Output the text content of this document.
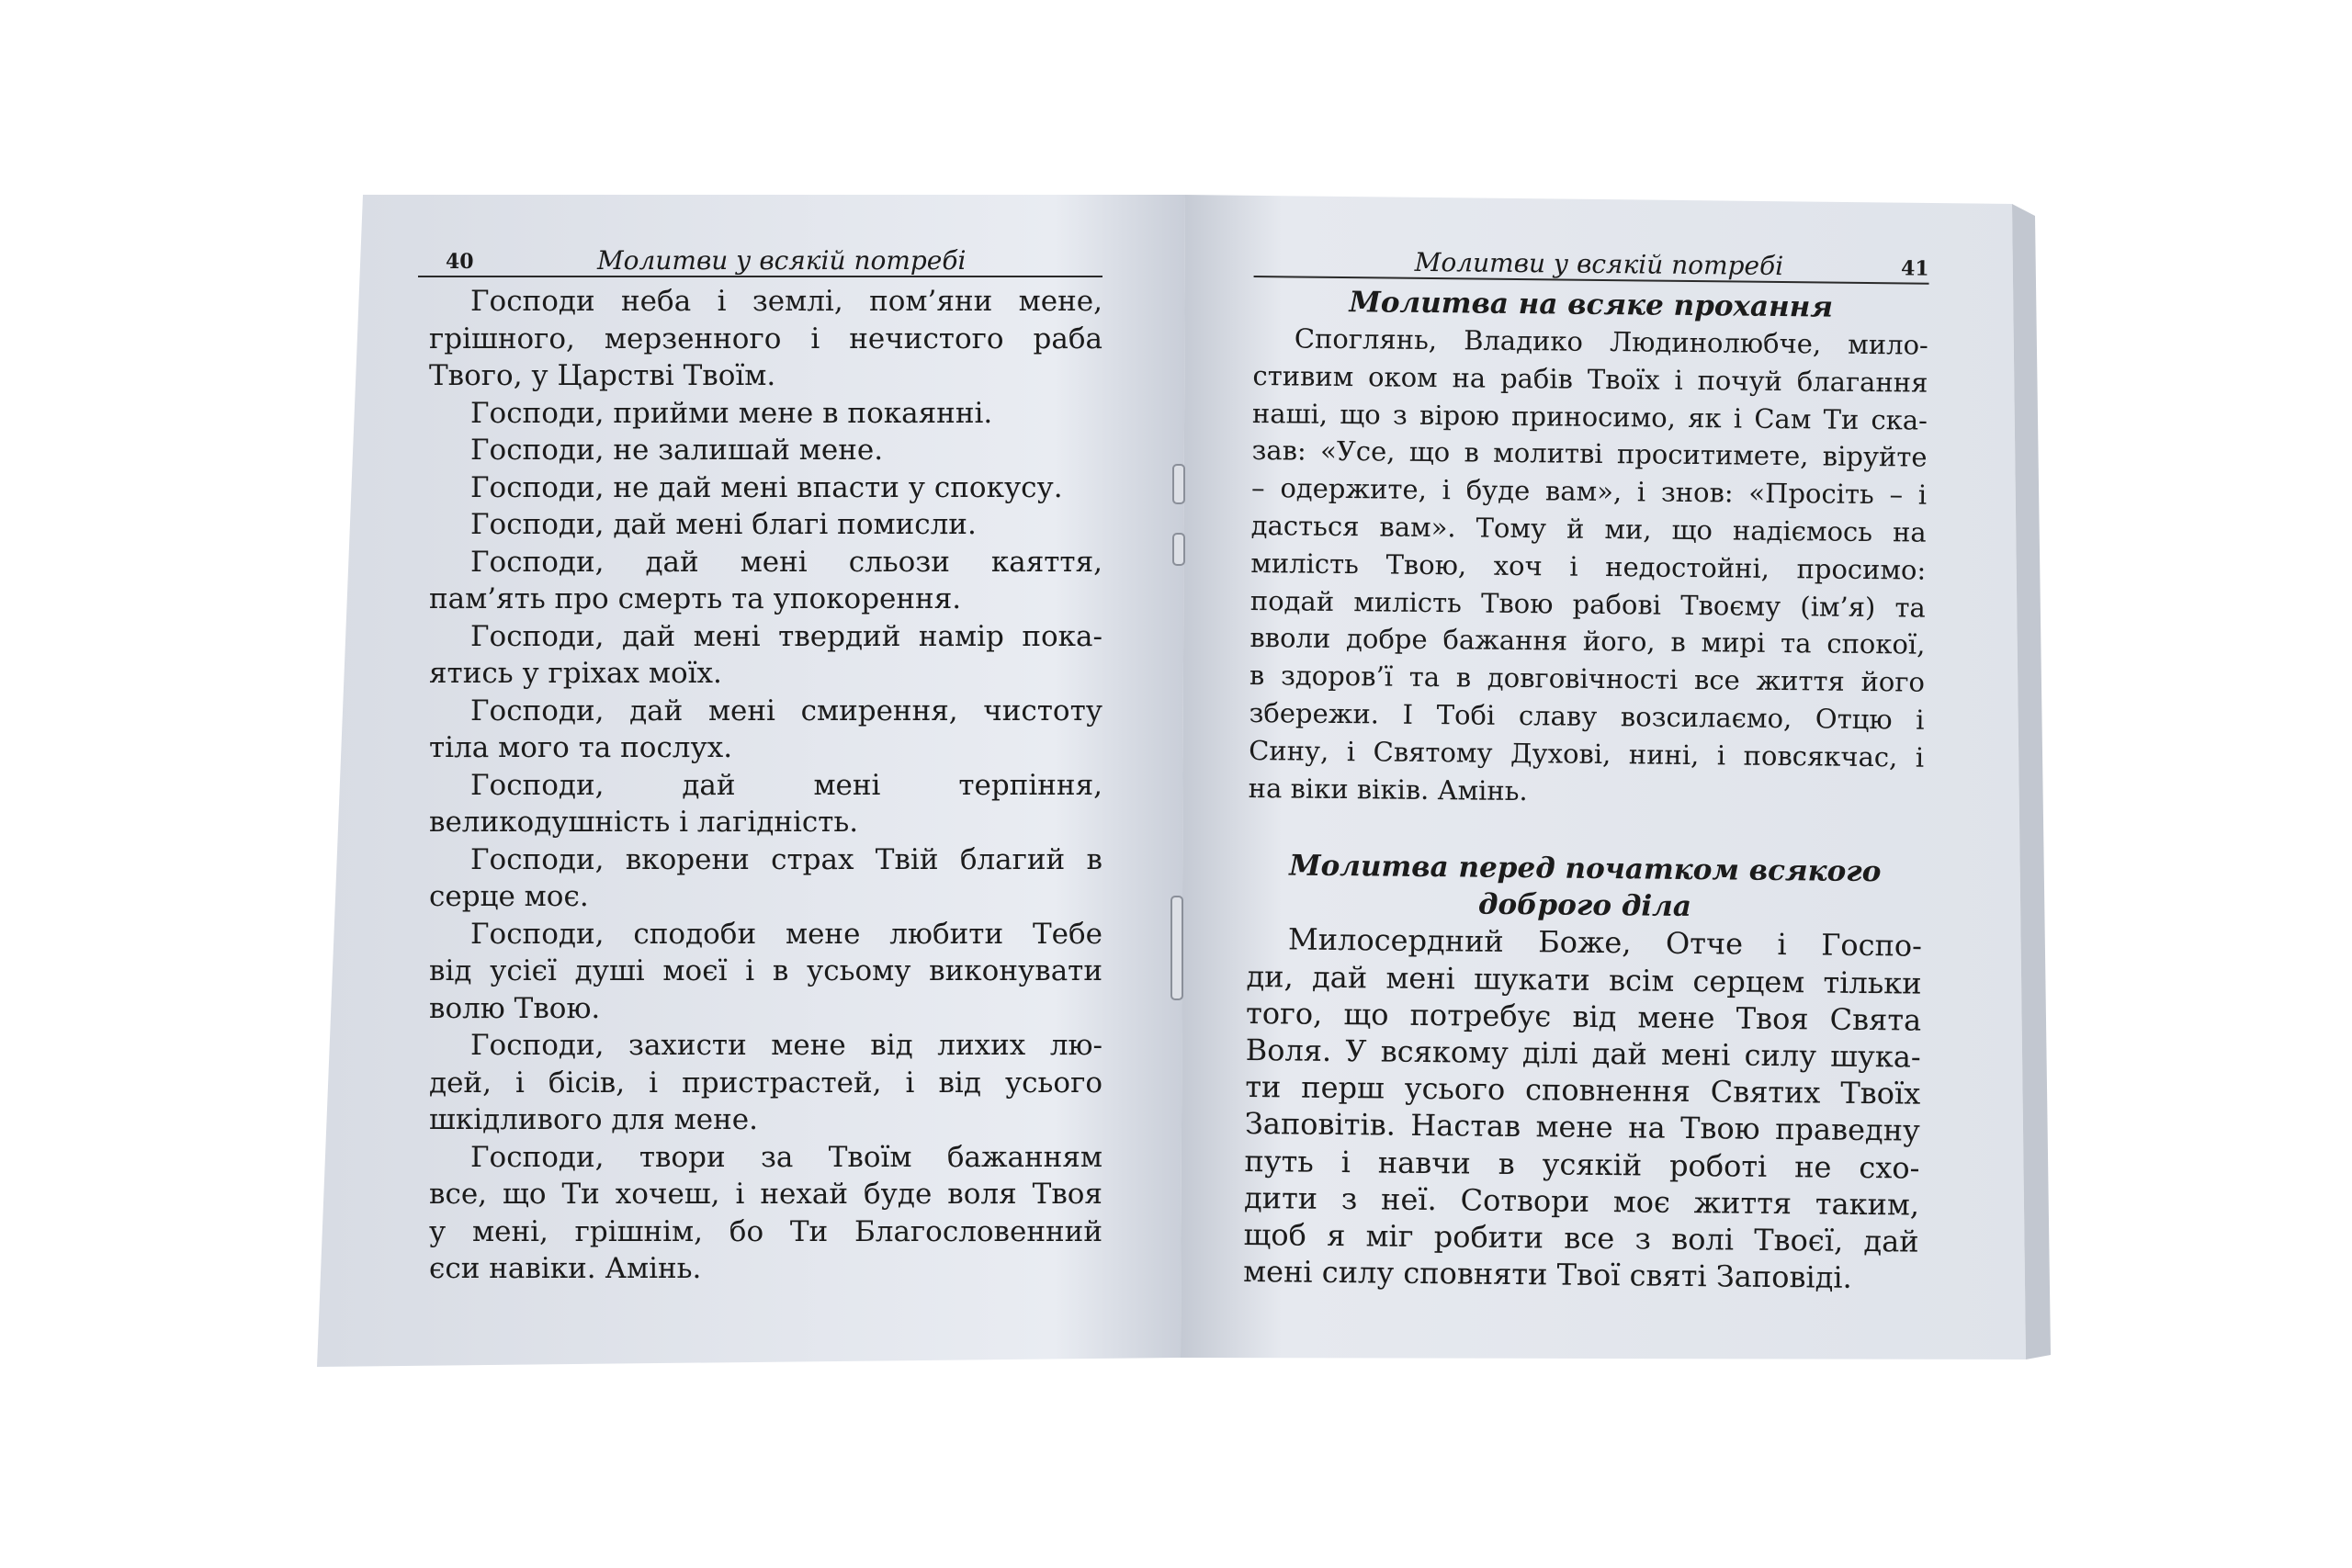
40	Молитви у всякій потребі

Господи неба і землі, пом’яни мене,
грішного, мерзенного і нечистого раба
Твого, у Царстві Твоїм.

Господи, прийми мене в покаянні.

Господи, не залишай мене.

Господи, не дай мені впасти у спокусу.

Господи, дай мені благі помисли.

Господи, дай мені сльози каяття,
пам’ять про смерть та упокорення.

Господи, дай мені твердий намір пока-
ятись у гріхах моїх.

Господи, дай мені смирення, чистоту
тіла мого та послух.

Господи, дай мені терпіння,
великодушність і лагідність.

Господи, вкорени страх Твій благий в
серце моє.

Господи, сподоби мене любити Тебе
від усієї душі моєї і в усьому виконувати
волю Твою.

Господи, захисти мене від лихих лю-
дей, і бісів, і пристрастей, і від усього
шкідливого для мене.

Господи, твори за Твоїм бажанням
все, що Ти хочеш, і нехай буде воля Твоя
у мені, грішнім, бо Ти Благословенний
єси навіки. Амінь.

Молитви у всякій потребі	41
Молитва на всяке прохання

Споглянь, Владико Людинолюбче, мило-
стивим оком на рабів Твоїх і почуй благання
наші, що з вірою приносимо, як і Сам Ти ска-
зав: «Усе, що в молитві проситимете, віруйте
– одержите, і буде вам», і знов: «Просіть – і
дасться вам». Тому й ми, що надіємось на
милість Твою, хоч і недостойні, просимо:
подай милість Твою рабові Твоєму (ім’я) та
вволи добре бажання його, в мирі та спокої,
в здоров’ї та в довговічності все життя його
збережи. І Тобі славу возсилаємо, Отцю і
Сину, і Святому Духові, нині, і повсякчас, і
на віки віків. Амінь.

Молитва перед початком всякого
доброго діла

Милосердний Боже, Отче і Госпо-
ди, дай мені шукати всім серцем тільки
того, що потребує від мене Твоя Свята
Воля. У всякому ділі дай мені силу шука-
ти перш усього сповнення Святих Твоїх
Заповітів. Настав мене на Твою праведну
путь і навчи в усякій роботі не схо-
дити з неї. Сотвори моє життя таким,
щоб я міг робити все з волі Твоєї, дай
мені силу сповняти Твої святі Заповіді.
